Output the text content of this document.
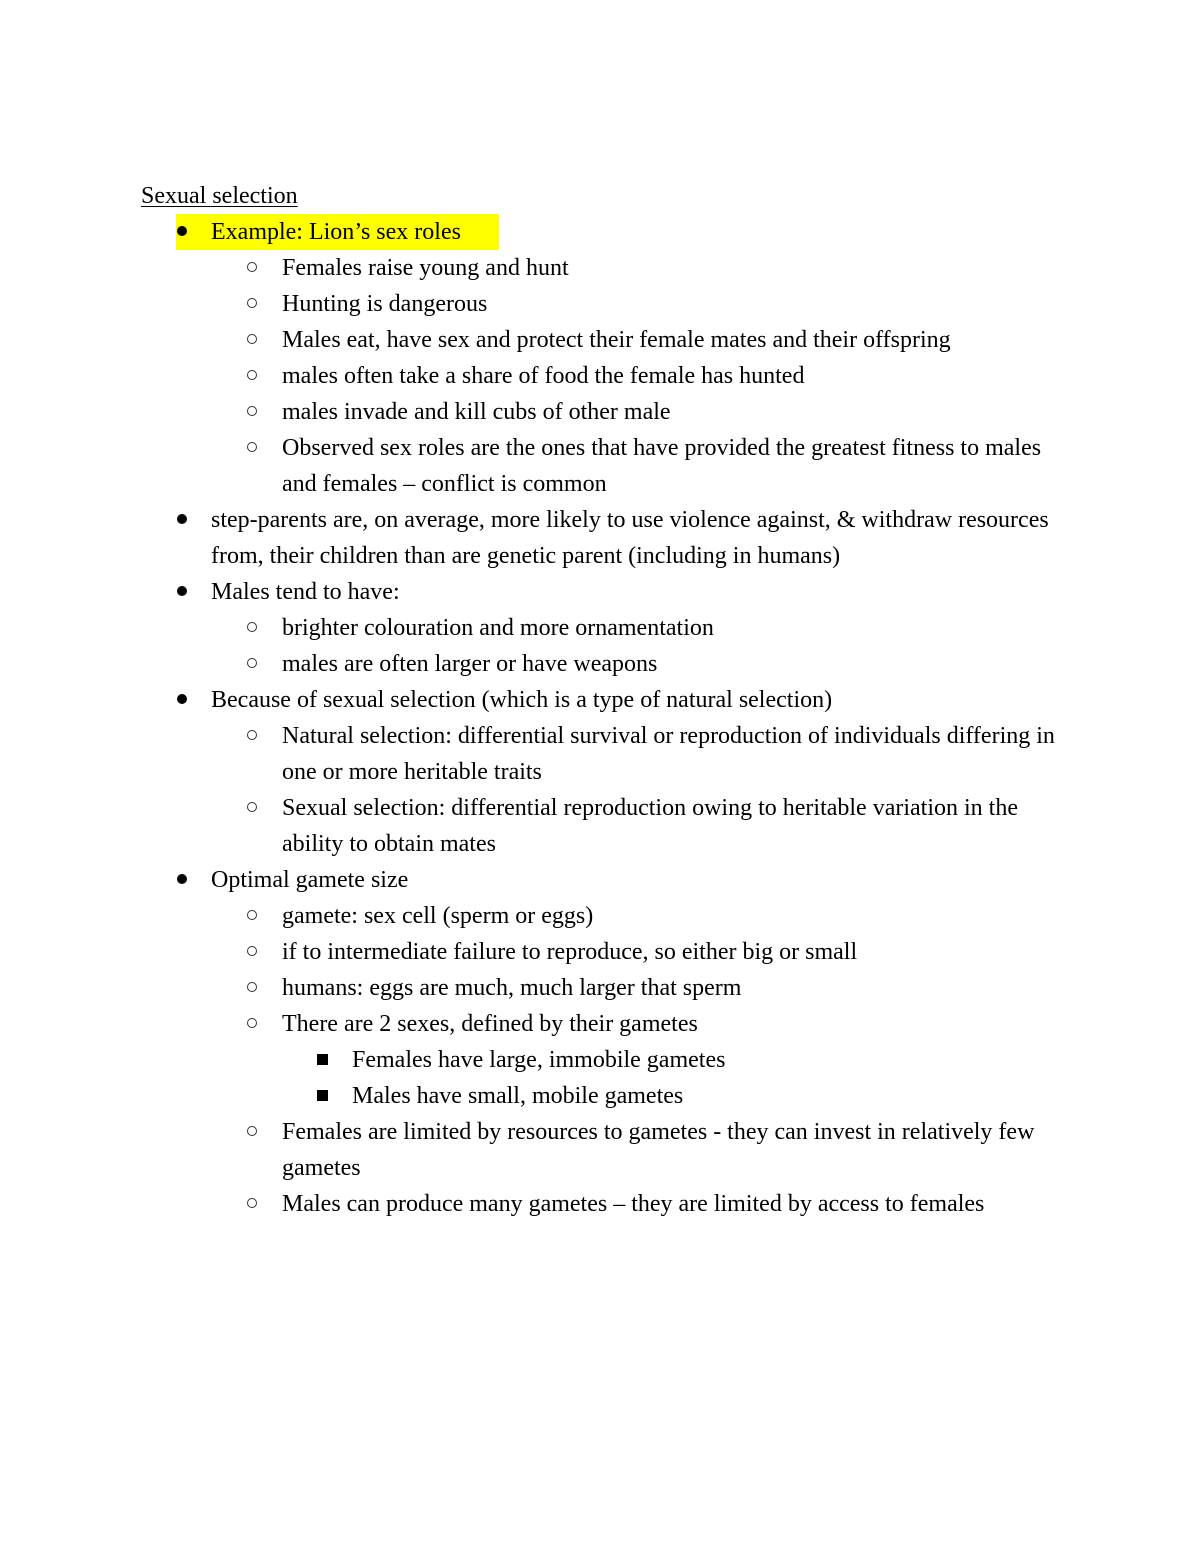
Sexual selection
Example: Lion’s sex roles
Females raise young and hunt
Hunting is dangerous
Males eat, have sex and protect their female mates and their offspring
males often take a share of food the female has hunted
males invade and kill cubs of other male
Observed sex roles are the ones that have provided the greatest fitness to males and females – conflict is common
step-parents are, on average, more likely to use violence against, & withdraw resources from, their children than are genetic parent (including in humans)
Males tend to have:
brighter colouration and more ornamentation
males are often larger or have weapons
Because of sexual selection (which is a type of natural selection)
Natural selection: differential survival or reproduction of individuals differing in one or more heritable traits
Sexual selection: differential reproduction owing to heritable variation in the ability to obtain mates
Optimal gamete size
gamete: sex cell (sperm or eggs)
if to intermediate failure to reproduce, so either big or small
humans: eggs are much, much larger that sperm
There are 2 sexes, defined by their gametes
Females have large, immobile gametes
Males have small, mobile gametes
Females are limited by resources to gametes - they can invest in relatively few gametes
Males can produce many gametes – they are limited by access to females
